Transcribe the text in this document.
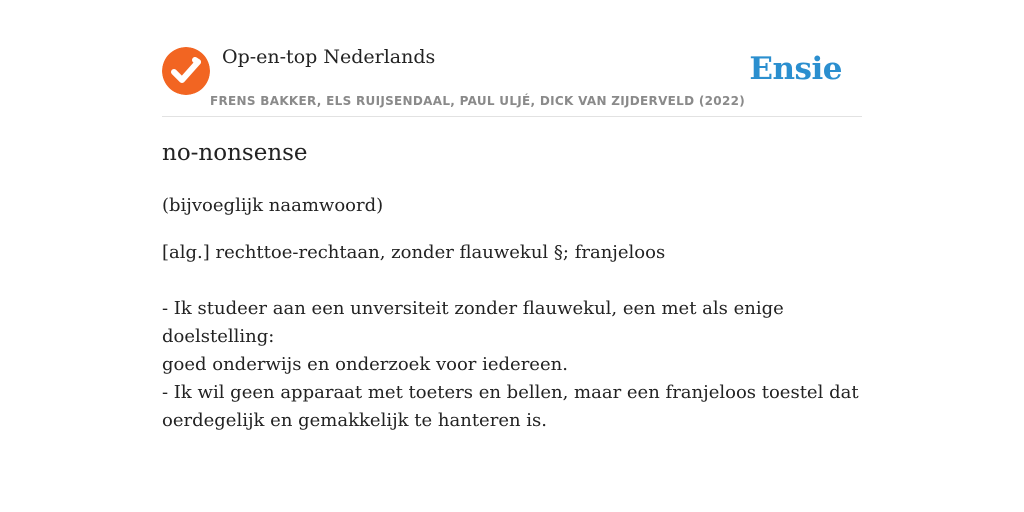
Op-en-top Nederlands
FRENS BAKKER, ELS RUIJSENDAAL, PAUL ULJÉ, DICK VAN ZIJDERVELD (2022)
Ensie
no-nonsense
(bijvoeglijk naamwoord)
[alg.] rechttoe-rechtaan, zonder flauwekul §; franjeloos
- Ik studeer aan een unversiteit zonder flauwekul, een met als enige doelstelling:
goed onderwijs en onderzoek voor iedereen.
- Ik wil geen apparaat met toeters en bellen, maar een franjeloos toestel dat
oerdegelijk en gemakkelijk te hanteren is.
